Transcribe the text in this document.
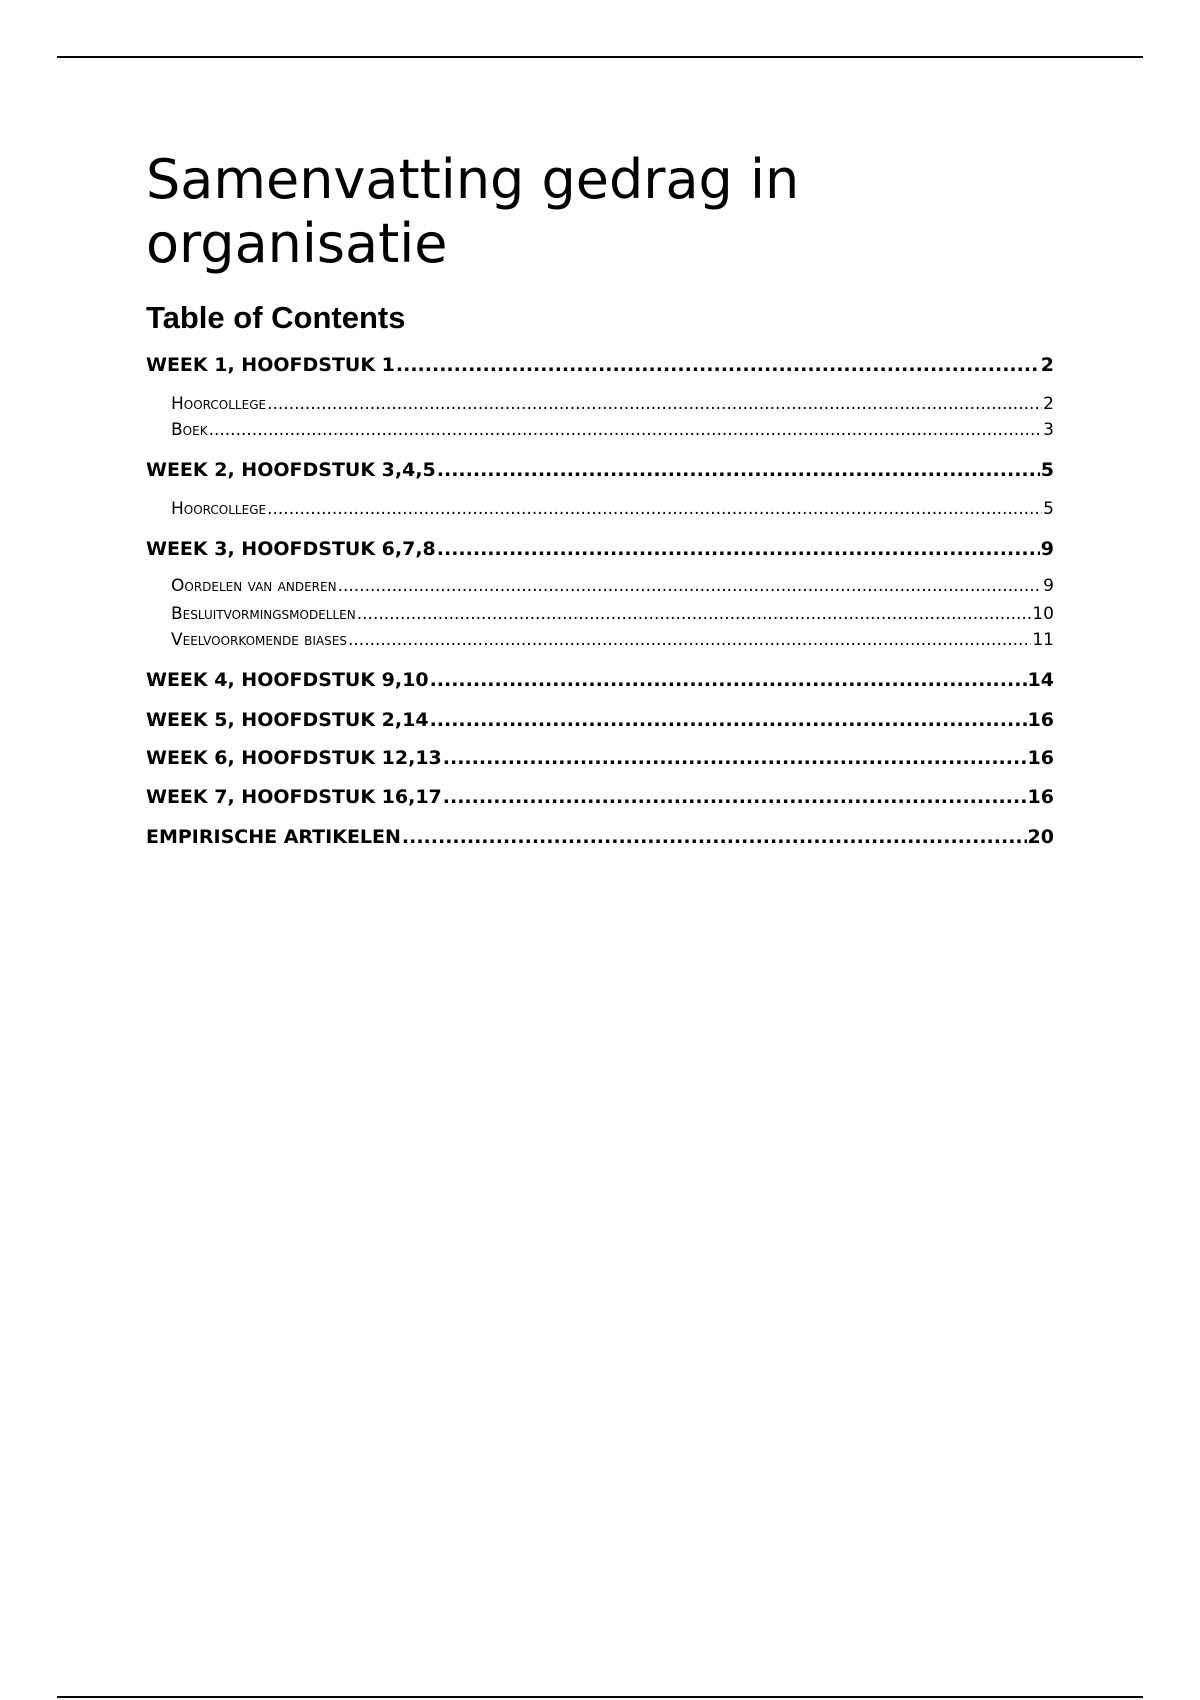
Samenvatting gedrag in organisatie
Table of Contents
WEEK 1, HOOFDSTUK 1 .....	2
Hoorcollege .....	2
Boek .....	3
WEEK 2, HOOFDSTUK 3,4,5 .....	5
Hoorcollege .....	5
WEEK 3, HOOFDSTUK 6,7,8 .....	9
Oordelen van anderen .....	9
Besluitvormingsmodellen .....	10
Veelvoorkomende biases .....	11
WEEK 4, HOOFDSTUK 9,10 .....	14
WEEK 5, HOOFDSTUK 2,14 .....	16
WEEK 6, HOOFDSTUK 12,13 .....	16
WEEK 7, HOOFDSTUK 16,17 .....	16
EMPIRISCHE ARTIKELEN .....	20
